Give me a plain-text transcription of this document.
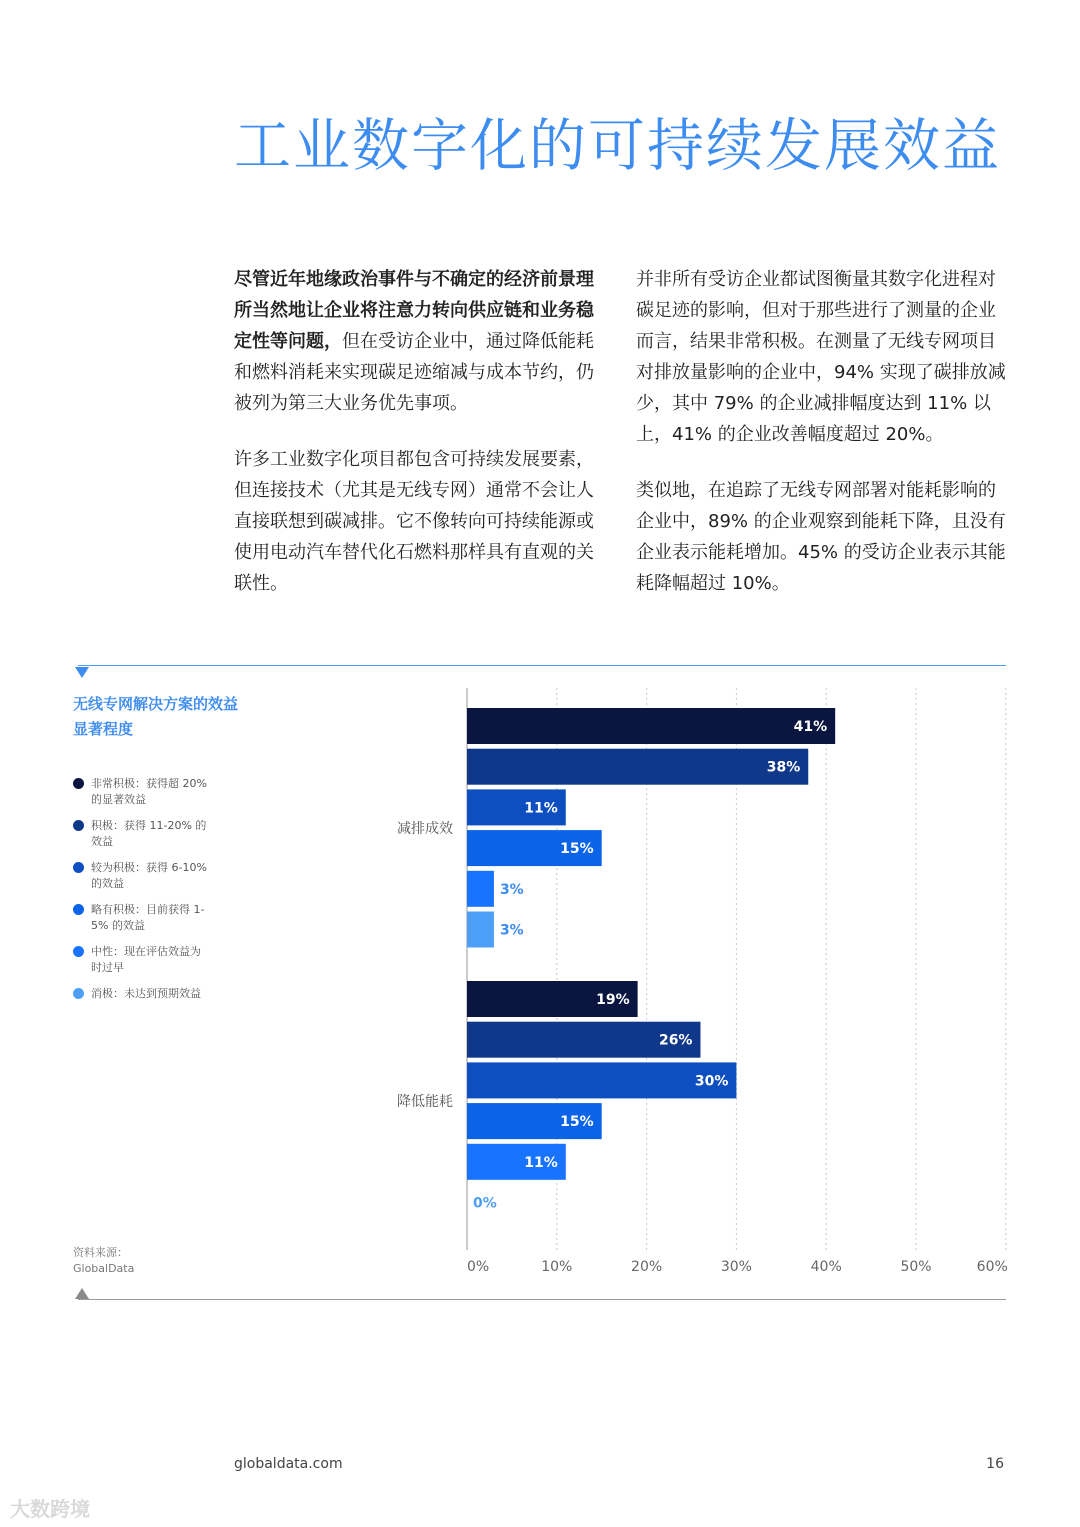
工业数字化的可持续发展效益

尽管近年地缘政治事件与不确定的经济前景理所当然地让企业将注意力转向供应链和业务稳定性等问题，但在受访企业中，通过降低能耗和燃料消耗来实现碳足迹缩减与成本节约，仍被列为第三大业务优先事项。

许多工业数字化项目都包含可持续发展要素，但连接技术（尤其是无线专网）通常不会让人直接联想到碳减排。它不像转向可持续能源或使用电动汽车替代化石燃料那样具有直观的关联性。

并非所有受访企业都试图衡量其数字化进程对碳足迹的影响，但对于那些进行了测量的企业而言，结果非常积极。在测量了无线专网项目对排放量影响的企业中，94% 实现了碳排放减少，其中 79% 的企业减排幅度达到 11% 以上，41% 的企业改善幅度超过 20%。

类似地，在追踪了无线专网部署对能耗影响的企业中，89% 的企业观察到能耗下降，且没有企业表示能耗增加。45% 的受访企业表示其能耗降幅超过 10%。

无线专网解决方案的效益显著程度
非常积极：获得超 20% 的显著效益
积极：获得 11-20% 的效益
较为积极：获得 6-10% 的效益
略有积极：目前获得 1-5% 的效益
中性：现在评估效益为时过早
消极：未达到预期效益
资料来源：
GlobalData	0%	10%	20%	30%	40%	50%	60%
减排成效
41%
38%
11%
15%
3%
3%
降低能耗
19%
26%
30%
15%
11%
0%
globaldata.com	16
大数跨境
